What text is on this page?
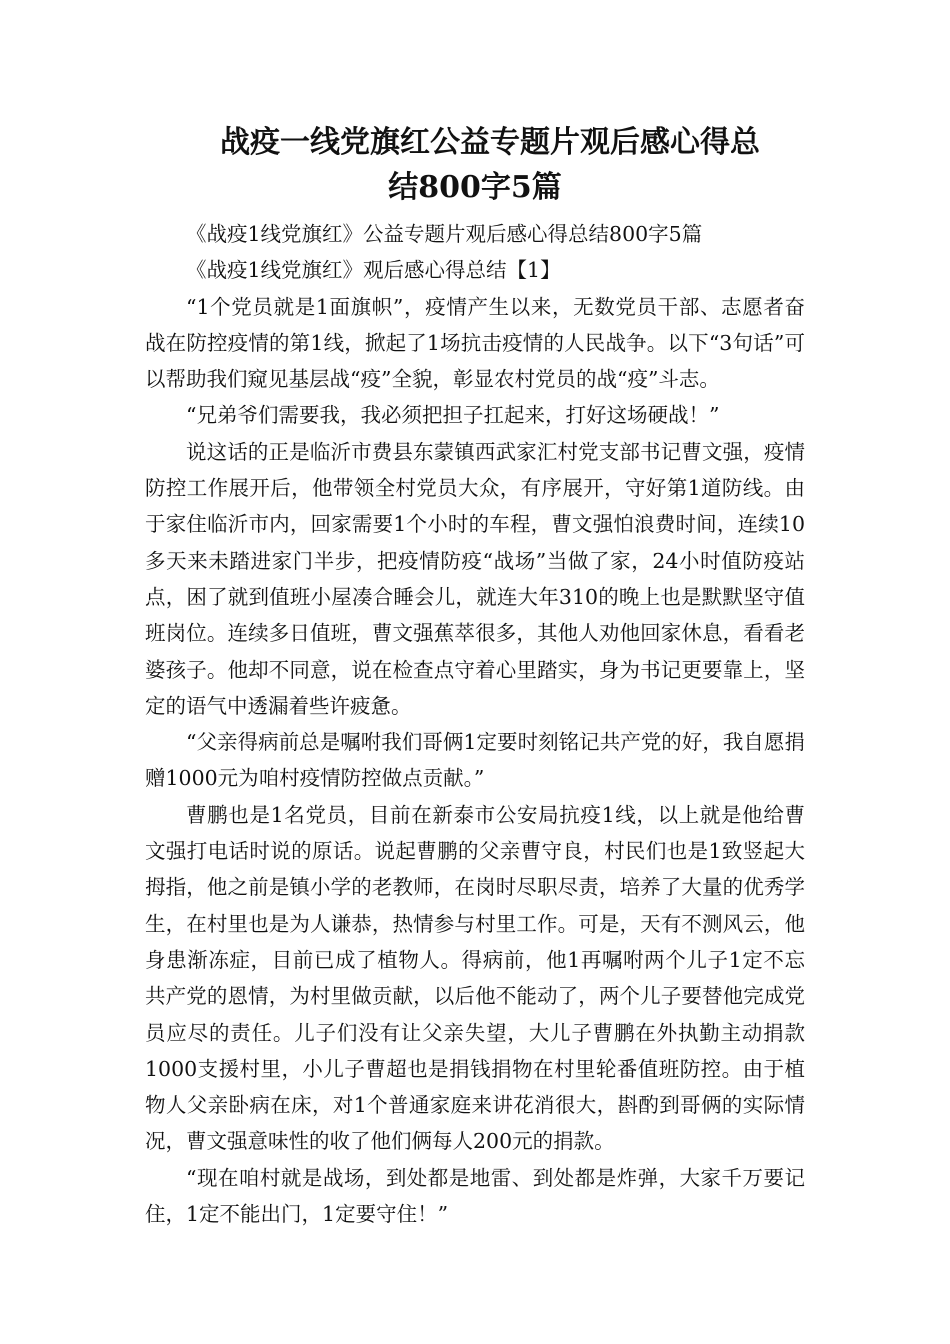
战疫一线党旗红公益专题片观后感心得总
结800字5篇

《战疫1线党旗红》公益专题片观后感心得总结800字5篇

《战疫1线党旗红》观后感心得总结【1】

“1个党员就是1面旗帜”，疫情产生以来，无数党员干部、志愿者奋战在防控疫情的第1线，掀起了1场抗击疫情的人民战争。以下“3句话”可以帮助我们窥见基层战“疫”全貌，彰显农村党员的战“疫”斗志。

“兄弟爷们需要我，我必须把担子扛起来，打好这场硬战！”

说这话的正是临沂市费县东蒙镇西武家汇村党支部书记曹文强，疫情防控工作展开后，他带领全村党员大众，有序展开，守好第1道防线。由于家住临沂市内，回家需要1个小时的车程，曹文强怕浪费时间，连续10多天来未踏进家门半步，把疫情防疫“战场”当做了家，24小时值防疫站点，困了就到值班小屋凑合睡会儿，就连大年310的晚上也是默默坚守值班岗位。连续多日值班，曹文强蕉萃很多，其他人劝他回家休息，看看老婆孩子。他却不同意，说在检查点守着心里踏实，身为书记更要靠上，坚定的语气中透漏着些许疲惫。

“父亲得病前总是嘱咐我们哥俩1定要时刻铭记共产党的好，我自愿捐赠1000元为咱村疫情防控做点贡献。”

曹鹏也是1名党员，目前在新泰市公安局抗疫1线，以上就是他给曹文强打电话时说的原话。说起曹鹏的父亲曹守良，村民们也是1致竖起大拇指，他之前是镇小学的老教师，在岗时尽职尽责，培养了大量的优秀学生，在村里也是为人谦恭，热情参与村里工作。可是，天有不测风云，他身患渐冻症，目前已成了植物人。得病前，他1再嘱咐两个儿子1定不忘共产党的恩情，为村里做贡献，以后他不能动了，两个儿子要替他完成党员应尽的责任。儿子们没有让父亲失望，大儿子曹鹏在外执勤主动捐款1000支援村里，小儿子曹超也是捐钱捐物在村里轮番值班防控。由于植物人父亲卧病在床，对1个普通家庭来讲花消很大，斟酌到哥俩的实际情况，曹文强意味性的收了他们俩每人200元的捐款。

“现在咱村就是战场，到处都是地雷、到处都是炸弹，大家千万要记住，1定不能出门，1定要守住！”
